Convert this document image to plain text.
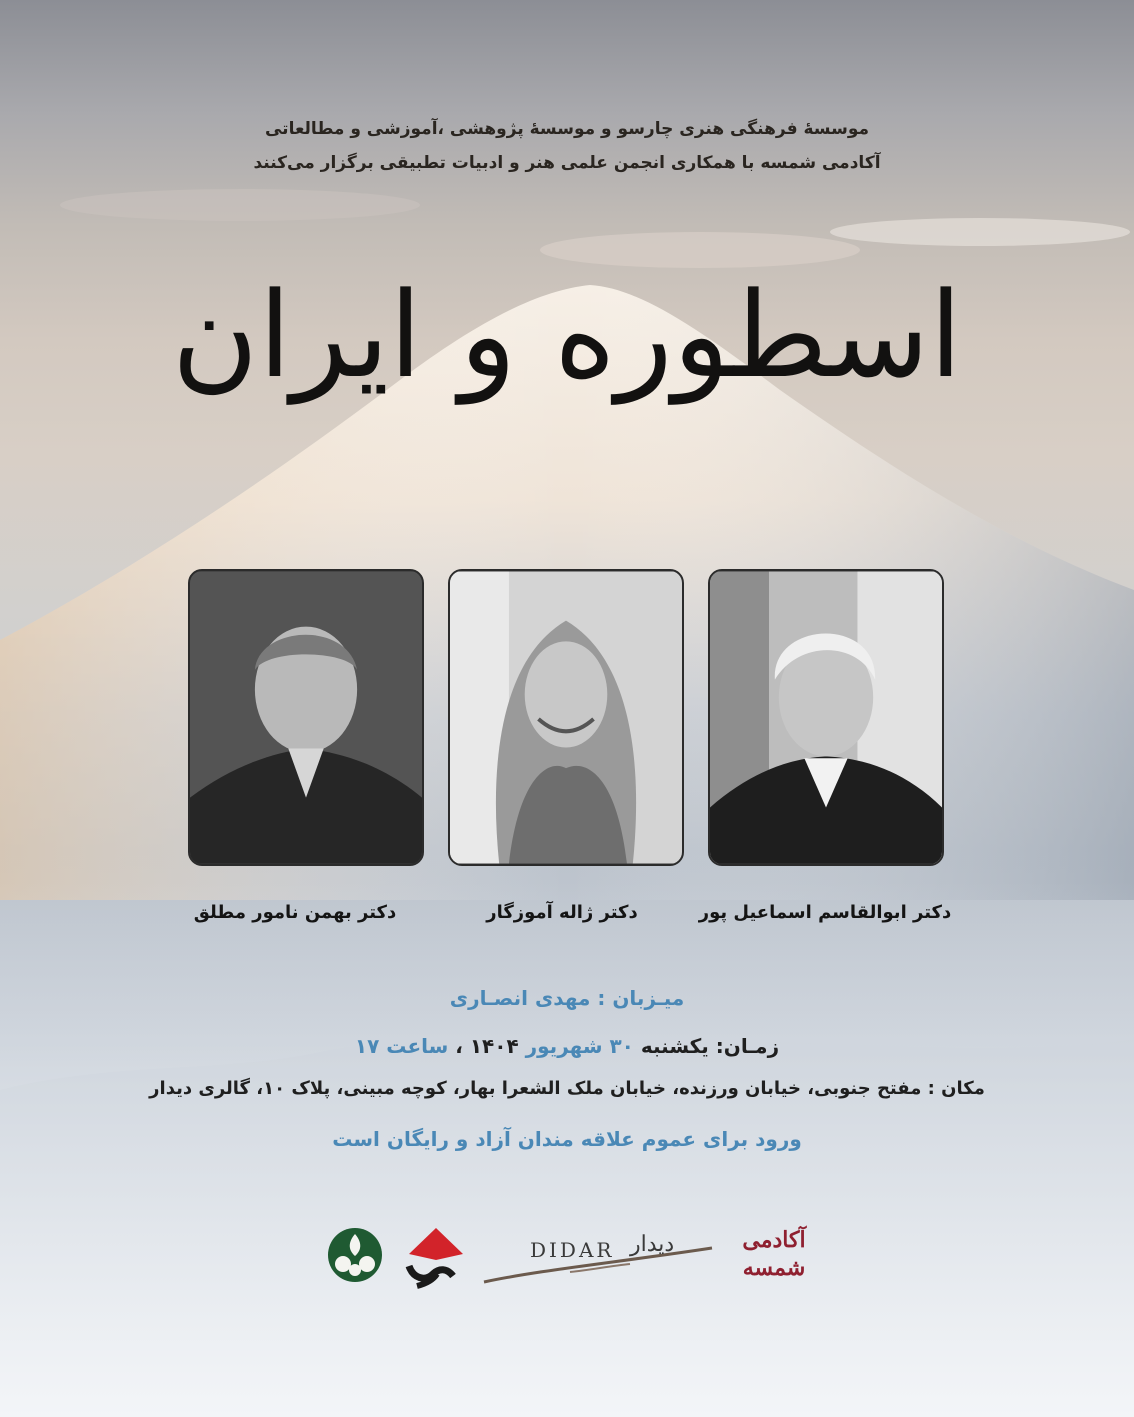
موسسهٔ فرهنگی هنری چارسو و موسسهٔ پژوهشی ،آموزشی و مطالعاتی
آکادمی شمسه با همکاری انجمن علمی هنر و ادبیات تطبیقی برگزار می‌کنند
اسطوره و ایران
دکتر بهمن نامور مطلق	دکتر ژاله آموزگار	دکتر ابوالقاسم اسماعیل پور
میـزبان : مهدی انصـاری
زمـان: یکشنبه ۳۰ شهریور ۱۴۰۴ ، ساعت ۱۷
مکان : مفتح جنوبی، خیابان ورزنده، خیابان ملک الشعرا بهار، کوچه مبینی، پلاک ۱۰، گالری دیدار
ورود برای عموم علاقه مندان آزاد و رایگان است
DIDAR دیدار	آکادمی شمسه
